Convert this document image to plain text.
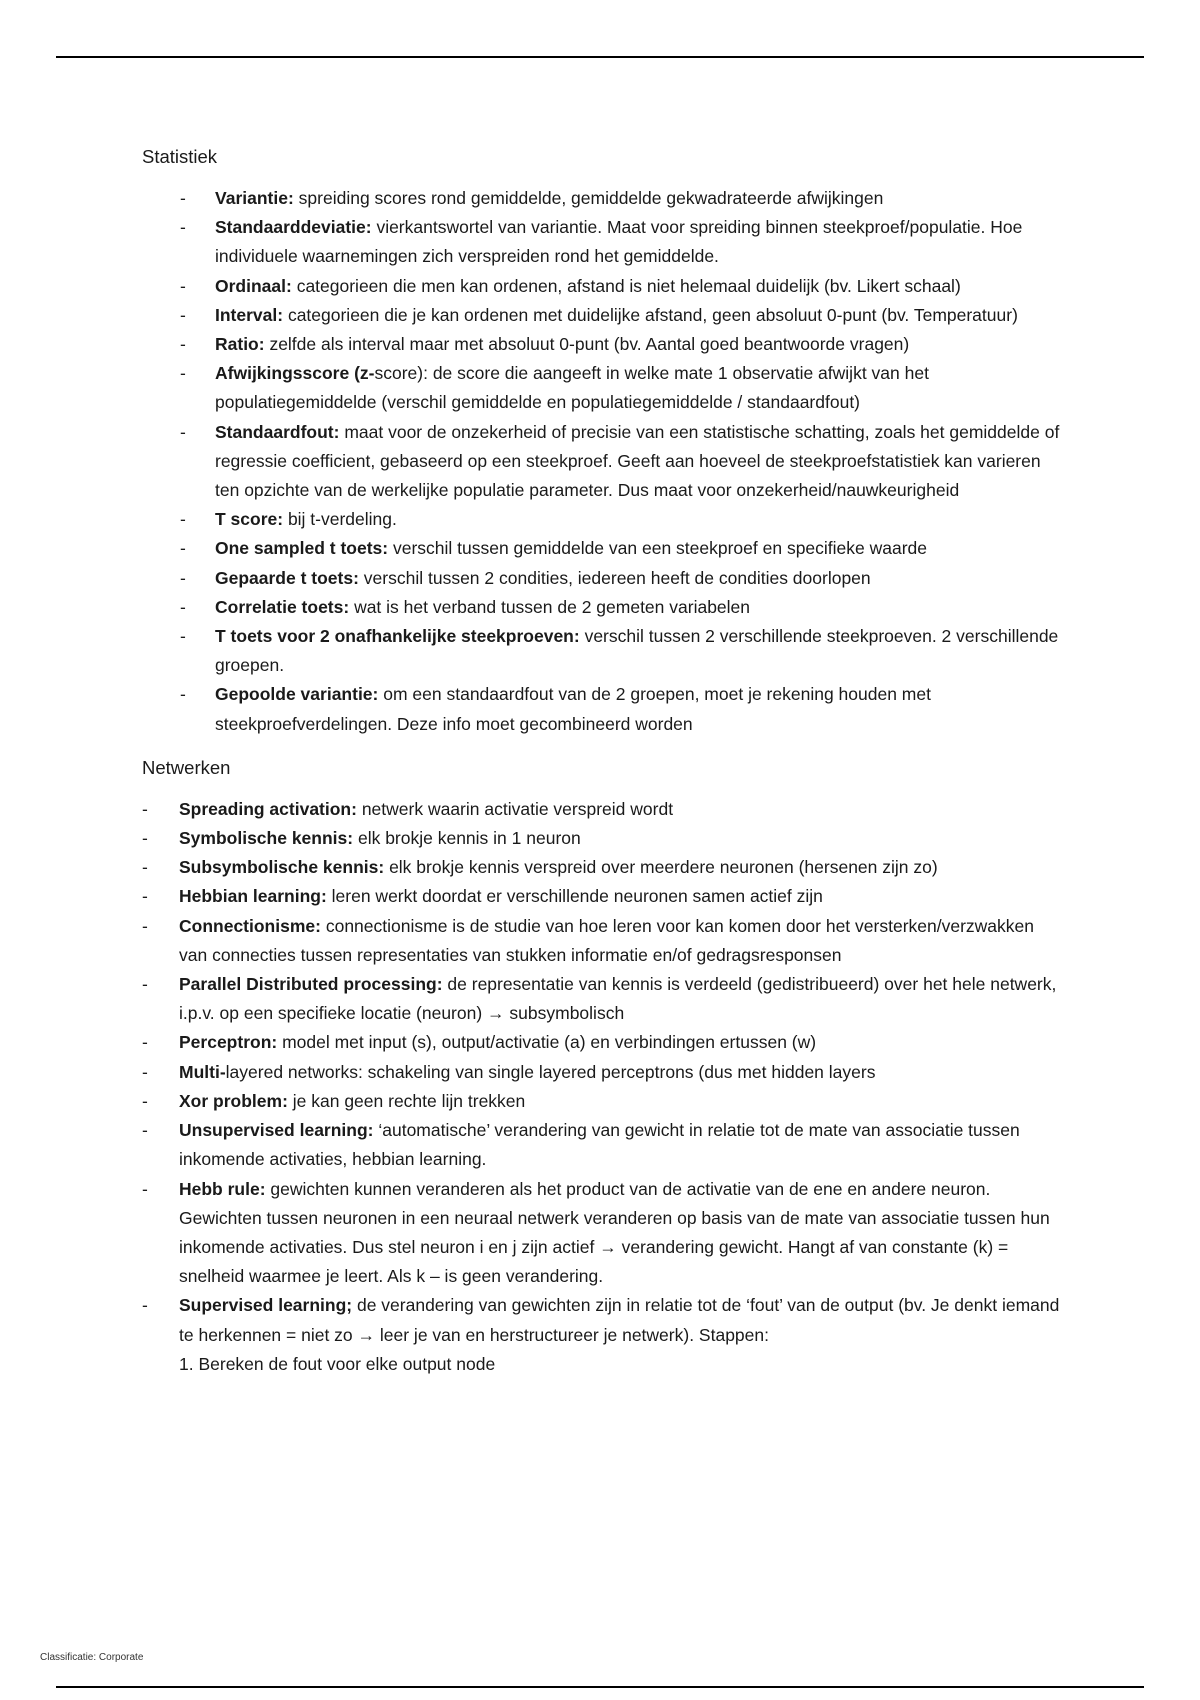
Statistiek

- Variantie: spreiding scores rond gemiddelde, gemiddelde gekwadrateerde afwijkingen
- Standaarddeviatie: vierkantswortel van variantie. Maat voor spreiding binnen steekproef/populatie. Hoe individuele waarnemingen zich verspreiden rond het gemiddelde.
- Ordinaal: categorieen die men kan ordenen, afstand is niet helemaal duidelijk (bv. Likert schaal)
- Interval: categorieen die je kan ordenen met duidelijke afstand, geen absoluut 0-punt (bv. Temperatuur)
- Ratio: zelfde als interval maar met absoluut 0-punt (bv. Aantal goed beantwoorde vragen)
- Afwijkingsscore (z-score): de score die aangeeft in welke mate 1 observatie afwijkt van het populatiegemiddelde (verschil gemiddelde en populatiegemiddelde / standaardfout)
- Standaardfout: maat voor de onzekerheid of precisie van een statistische schatting, zoals het gemiddelde of regressie coefficient, gebaseerd op een steekproef. Geeft aan hoeveel de steekproefstatistiek kan varieren ten opzichte van de werkelijke populatie parameter. Dus maat voor onzekerheid/nauwkeurigheid
- T score: bij t-verdeling.
- One sampled t toets: verschil tussen gemiddelde van een steekproef en specifieke waarde
- Gepaarde t toets: verschil tussen 2 condities, iedereen heeft de condities doorlopen
- Correlatie toets: wat is het verband tussen de 2 gemeten variabelen
- T toets voor 2 onafhankelijke steekproeven: verschil tussen 2 verschillende steekproeven. 2 verschillende groepen.
- Gepoolde variantie: om een standaardfout van de 2 groepen, moet je rekening houden met steekproefverdelingen. Deze info moet gecombineerd worden

Netwerken

- Spreading activation: netwerk waarin activatie verspreid wordt
- Symbolische kennis: elk brokje kennis in 1 neuron
- Subsymbolische kennis: elk brokje kennis verspreid over meerdere neuronen (hersenen zijn zo)
- Hebbian learning: leren werkt doordat er verschillende neuronen samen actief zijn
- Connectionisme: connectionisme is de studie van hoe leren voor kan komen door het versterken/verzwakken van connecties tussen representaties van stukken informatie en/of gedragsresponsen
- Parallel Distributed processing: de representatie van kennis is verdeeld (gedistribueerd) over het hele netwerk, i.p.v. op een specifieke locatie (neuron) → subsymbolisch
- Perceptron: model met input (s), output/activatie (a) en verbindingen ertussen (w)
- Multi-layered networks: schakeling van single layered perceptrons (dus met hidden layers
- Xor problem: je kan geen rechte lijn trekken
- Unsupervised learning: ‘automatische’ verandering van gewicht in relatie tot de mate van associatie tussen inkomende activaties, hebbian learning.
- Hebb rule: gewichten kunnen veranderen als het product van de activatie van de ene en andere neuron. Gewichten tussen neuronen in een neuraal netwerk veranderen op basis van de mate van associatie tussen hun inkomende activaties. Dus stel neuron i en j zijn actief → verandering gewicht. Hangt af van constante (k) = snelheid waarmee je leert. Als k – is geen verandering.
- Supervised learning; de verandering van gewichten zijn in relatie tot de ‘fout’ van de output (bv. Je denkt iemand te herkennen = niet zo → leer je van en herstructureer je netwerk). Stappen:
1. Bereken de fout voor elke output node
Classificatie: Corporate
